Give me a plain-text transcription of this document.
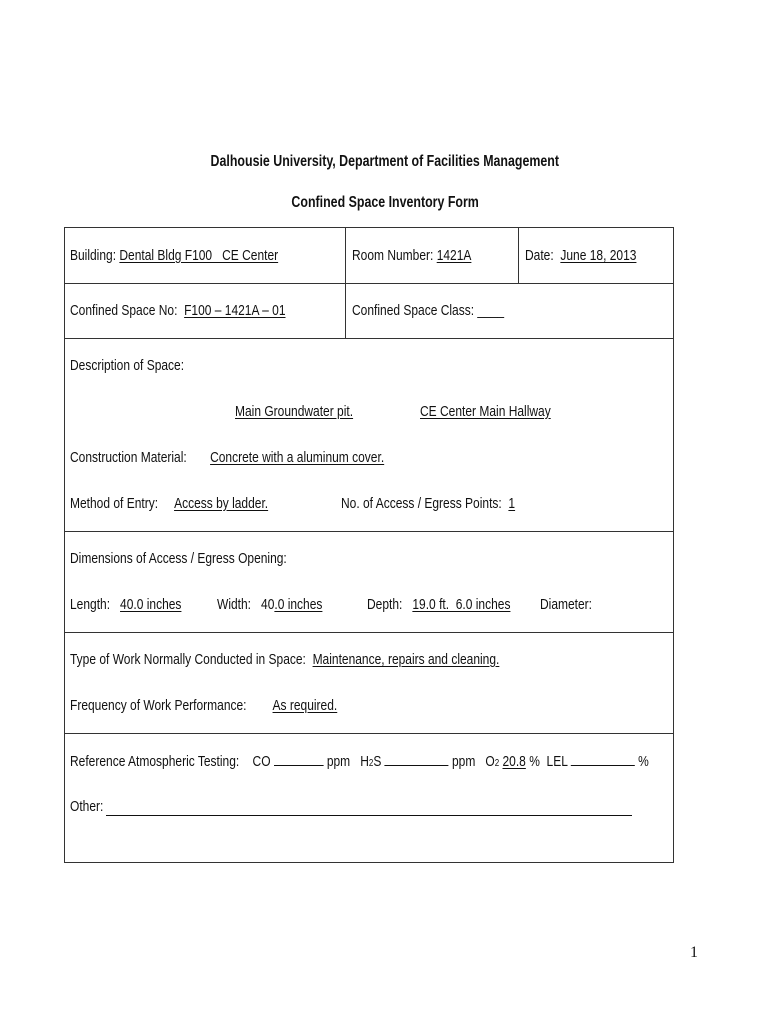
Dalhousie University, Department of Facilities Management
Confined Space Inventory Form
Building: Dental Bldg F100   CE Center	Room Number: 1421A	Date: June 18, 2013
Confined Space No: F100 – 1421A – 01	Confined Space Class: ____
Description of Space:
Main Groundwater pit.	CE Center Main Hallway
Construction Material: Concrete with a aluminum cover.
Method of Entry: Access by ladder.	No. of Access / Egress Points: 1
Dimensions of Access / Egress Opening:
Length: 40.0 inches	Width: 40.0 inches	Depth: 19.0 ft.  6.0 inches	Diameter:
Type of Work Normally Conducted in Space: Maintenance, repairs and cleaning.
Frequency of Work Performance: As required.
Reference Atmospheric Testing: CO	ppm H2S	ppm O2 20.8 % LEL	%
Other:
1
